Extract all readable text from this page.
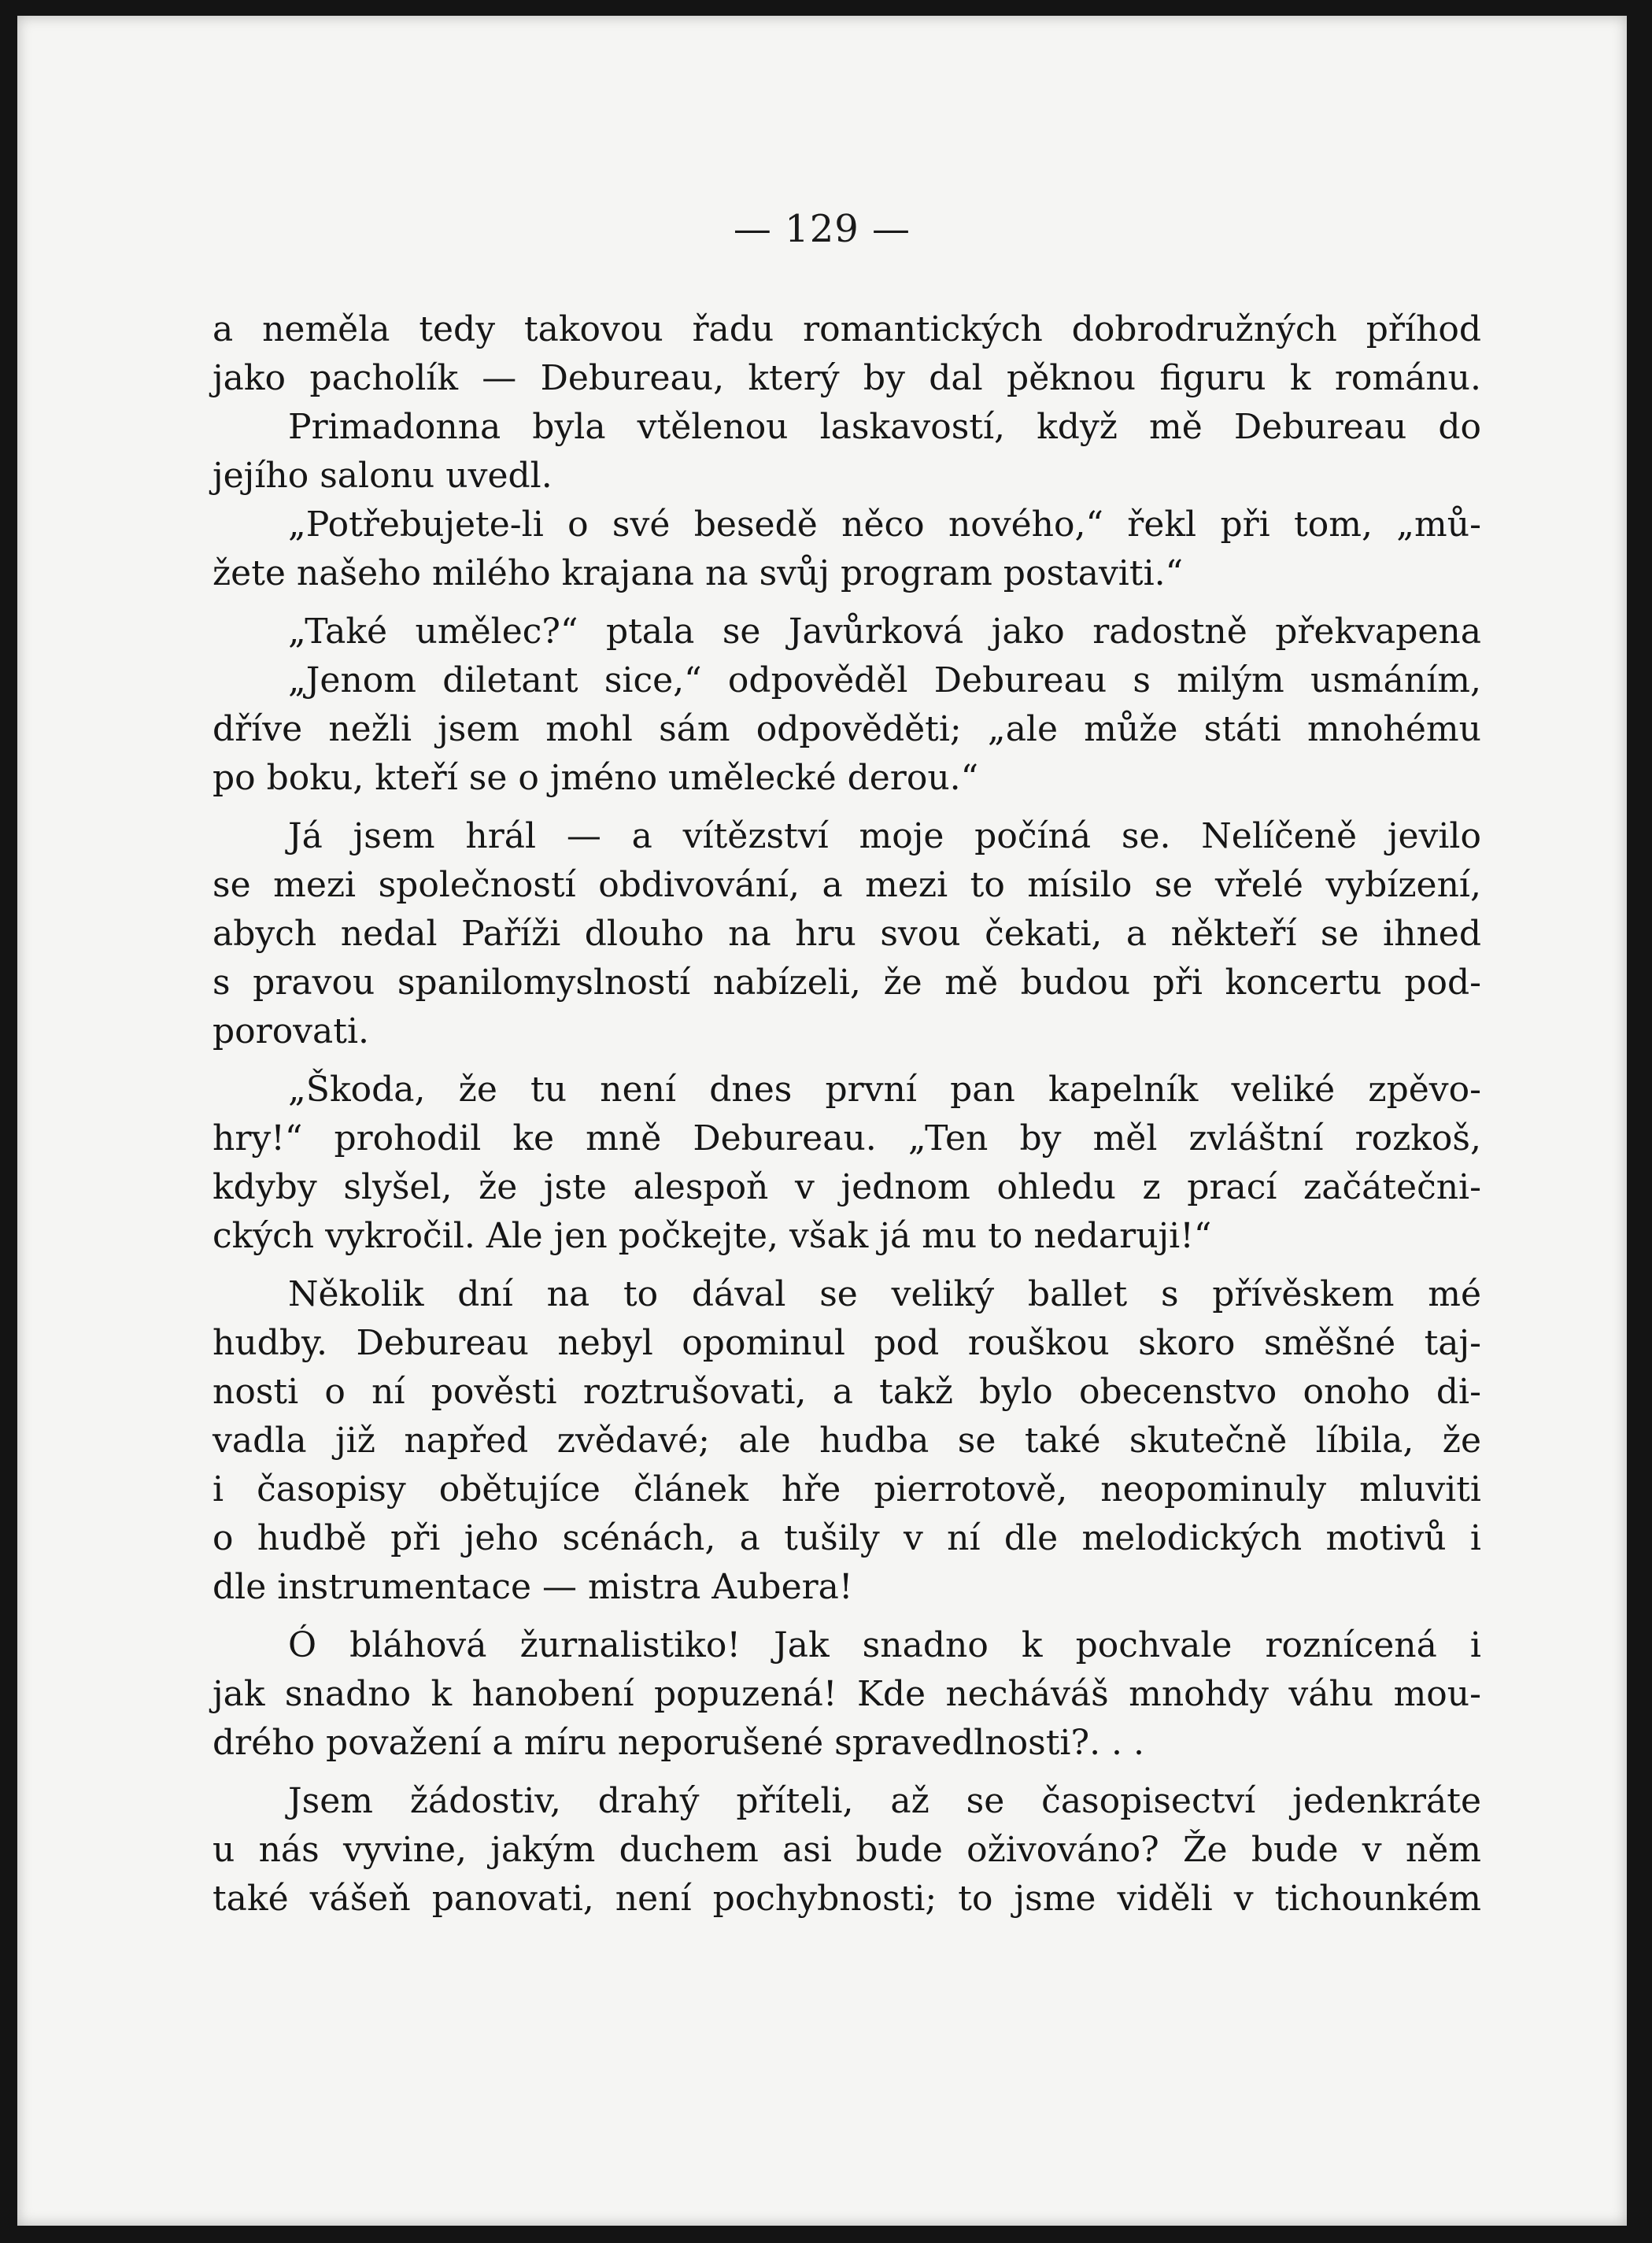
— 129 —
a neměla tedy takovou řadu romantických dobrodružných příhod
jako pacholík — Debureau, který by dal pěknou figuru k románu.
Primadonna byla vtělenou laskavostí, když mě Debureau do
jejího salonu uvedl.
„Potřebujete-li o své besedě něco nového,“ řekl při tom, „mů-
žete našeho milého krajana na svůj program postaviti.“
„Také umělec?“ ptala se Javůrková jako radostně překvapena
„Jenom diletant sice,“ odpověděl Debureau s milým usmáním,
dříve nežli jsem mohl sám odpověděti; „ale může státi mnohému
po boku, kteří se o jméno umělecké derou.“
Já jsem hrál — a vítězství moje počíná se. Nelíčeně jevilo
se mezi společností obdivování, a mezi to mísilo se vřelé vybízení,
abych nedal Paříži dlouho na hru svou čekati, a někteří se ihned
s pravou spanilomyslností nabízeli, že mě budou při koncertu pod-
porovati.
„Škoda, že tu není dnes první pan kapelník veliké zpěvo-
hry!“ prohodil ke mně Debureau. „Ten by měl zvláštní rozkoš,
kdyby slyšel, že jste alespoň v jednom ohledu z prací začátečni-
ckých vykročil. Ale jen počkejte, však já mu to nedaruji!“
Několik dní na to dával se veliký ballet s přívěskem mé
hudby. Debureau nebyl opominul pod rouškou skoro směšné taj-
nosti o ní pověsti roztrušovati, a takž bylo obecenstvo onoho di-
vadla již napřed zvědavé; ale hudba se také skutečně líbila, že
i časopisy obětujíce článek hře pierrotově, neopominuly mluviti
o hudbě při jeho scénách, a tušily v ní dle melodických motivů i
dle instrumentace — mistra Aubera!
Ó bláhová žurnalistiko! Jak snadno k pochvale roznícená i
jak snadno k hanobení popuzená! Kde necháváš mnohdy váhu mou-
drého považení a míru neporušené spravedlnosti?. . .
Jsem žádostiv, drahý příteli, až se časopisectví jedenkráte
u nás vyvine, jakým duchem asi bude oživováno? Že bude v něm
také vášeň panovati, není pochybnosti; to jsme viděli v tichounkém
